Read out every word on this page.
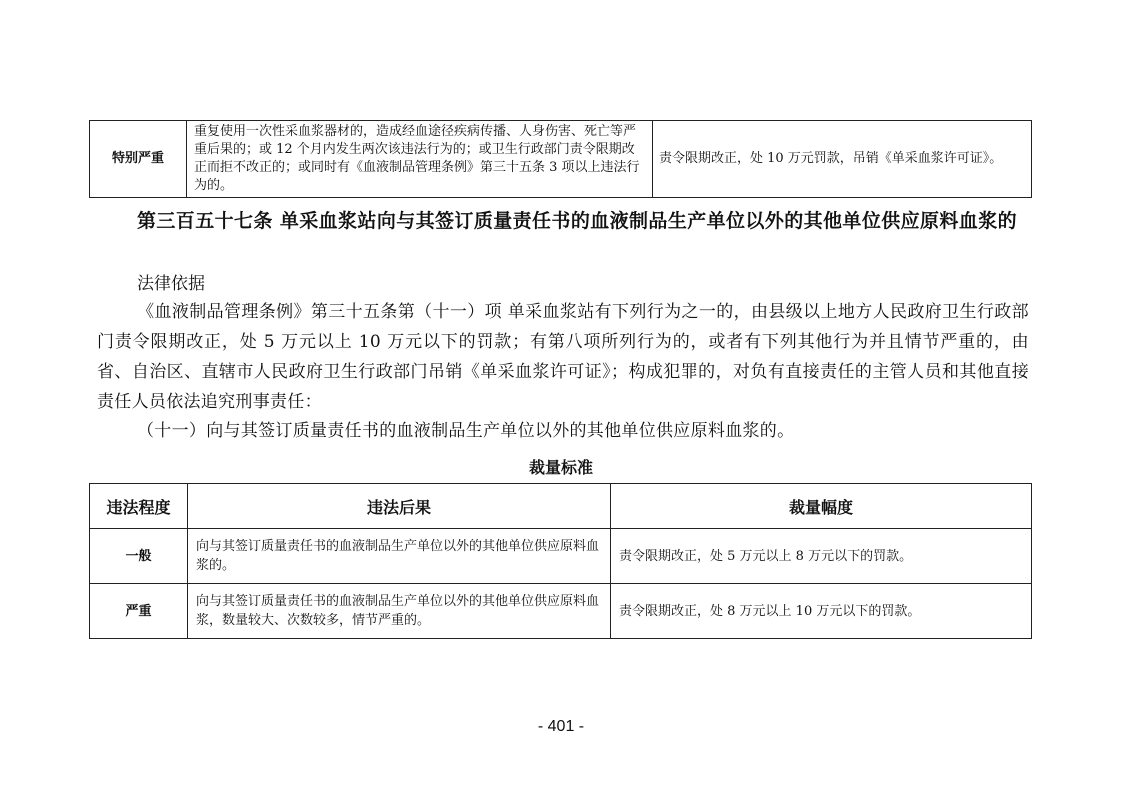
特别严重	重复使用一次性采血浆器材的，造成经血途径疾病传播、人身伤害、死亡等严重后果的；或 12 个月内发生两次该违法行为的；或卫生行政部门责令限期改正而拒不改正的；或同时有《血液制品管理条例》第三十五条 3 项以上违法行为的。	责令限期改正，处 10 万元罚款，吊销《单采血浆许可证》。
第三百五十七条 单采血浆站向与其签订质量责任书的血液制品生产单位以外的其他单位供应原料血浆的

法律依据

《血液制品管理条例》第三十五条第（十一）项 单采血浆站有下列行为之一的，由县级以上地方人民政府卫生行政部门责令限期改正，处 5 万元以上 10 万元以下的罚款；有第八项所列行为的，或者有下列其他行为并且情节严重的，由省、自治区、直辖市人民政府卫生行政部门吊销《单采血浆许可证》；构成犯罪的，对负有直接责任的主管人员和其他直接责任人员依法追究刑事责任：

（十一）向与其签订质量责任书的血液制品生产单位以外的其他单位供应原料血浆的。

裁量标准

违法程度	违法后果	裁量幅度
一般	向与其签订质量责任书的血液制品生产单位以外的其他单位供应原料血浆的。	责令限期改正，处 5 万元以上 8 万元以下的罚款。
严重	向与其签订质量责任书的血液制品生产单位以外的其他单位供应原料血浆，数量较大、次数较多，情节严重的。	责令限期改正，处 8 万元以上 10 万元以下的罚款。

- 401 -
